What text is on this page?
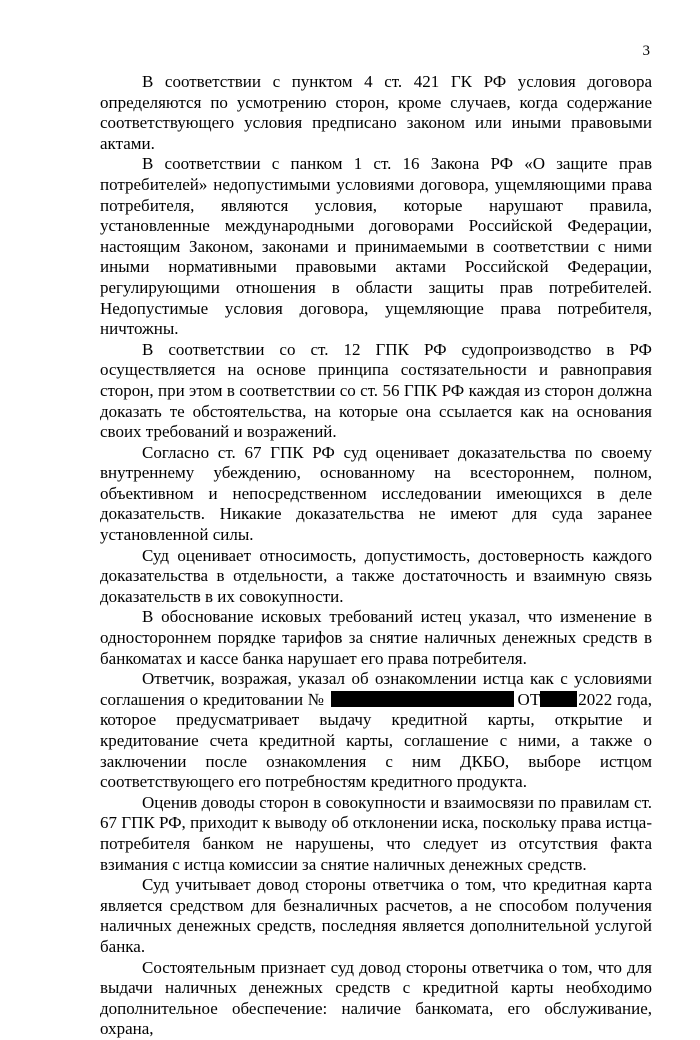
3

В соответствии с пунктом 4 ст. 421 ГК РФ условия договора определяются по усмотрению сторон, кроме случаев, когда содержание соответствующего условия предписано законом или иными правовыми актами.

В соответствии с панком 1 ст. 16 Закона РФ «О защите прав потребителей» недопустимыми условиями договора, ущемляющими права потребителя, являются условия, которые нарушают правила, установленные международными договорами Российской Федерации, настоящим Законом, законами и принимаемыми в соответствии с ними иными нормативными правовыми актами Российской Федерации, регулирующими отношения в области защиты прав потребителей. Недопустимые условия договора, ущемляющие права потребителя, ничтожны.

В соответствии со ст. 12 ГПК РФ судопроизводство в РФ осуществляется на основе принципа состязательности и равноправия сторон, при этом в соответствии со ст. 56 ГПК РФ каждая из сторон должна доказать те обстоятельства, на которые она ссылается как на основания своих требований и возражений.

Согласно ст. 67 ГПК РФ суд оценивает доказательства по своему внутреннему убеждению, основанному на всестороннем, полном, объективном и непосредственном исследовании имеющихся в деле доказательств. Никакие доказательства не имеют для суда заранее установленной силы.

Суд оценивает относимость, допустимость, достоверность каждого доказательства в отдельности, а также достаточность и взаимную связь доказательств в их совокупности.

В обоснование исковых требований истец указал, что изменение в одностороннем порядке тарифов за снятие наличных денежных средств в банкоматах и кассе банка нарушает его права потребителя.

Ответчик, возражая, указал об ознакомлении истца как с условиями соглашения о кредитовании №	ОТ 2022 года, которое предусматривает выдачу кредитной карты, открытие и кредитование счета кредитной карты, соглашение с ними, а также о заключении после ознакомления с ним ДКБО, выборе истцом соответствующего его потребностям кредитного продукта.

Оценив доводы сторон в совокупности и взаимосвязи по правилам ст. 67 ГПК РФ, приходит к выводу об отклонении иска, поскольку права истца-потребителя банком не нарушены, что следует из отсутствия факта взимания с истца комиссии за снятие наличных денежных средств.

Суд учитывает довод стороны ответчика о том, что кредитная карта является средством для безналичных расчетов, а не способом получения наличных денежных средств, последняя является дополнительной услугой банка.

Состоятельным признает суд довод стороны ответчика о том, что для выдачи наличных денежных средств с кредитной карты необходимо дополнительное обеспечение: наличие банкомата, его обслуживание, охрана,
